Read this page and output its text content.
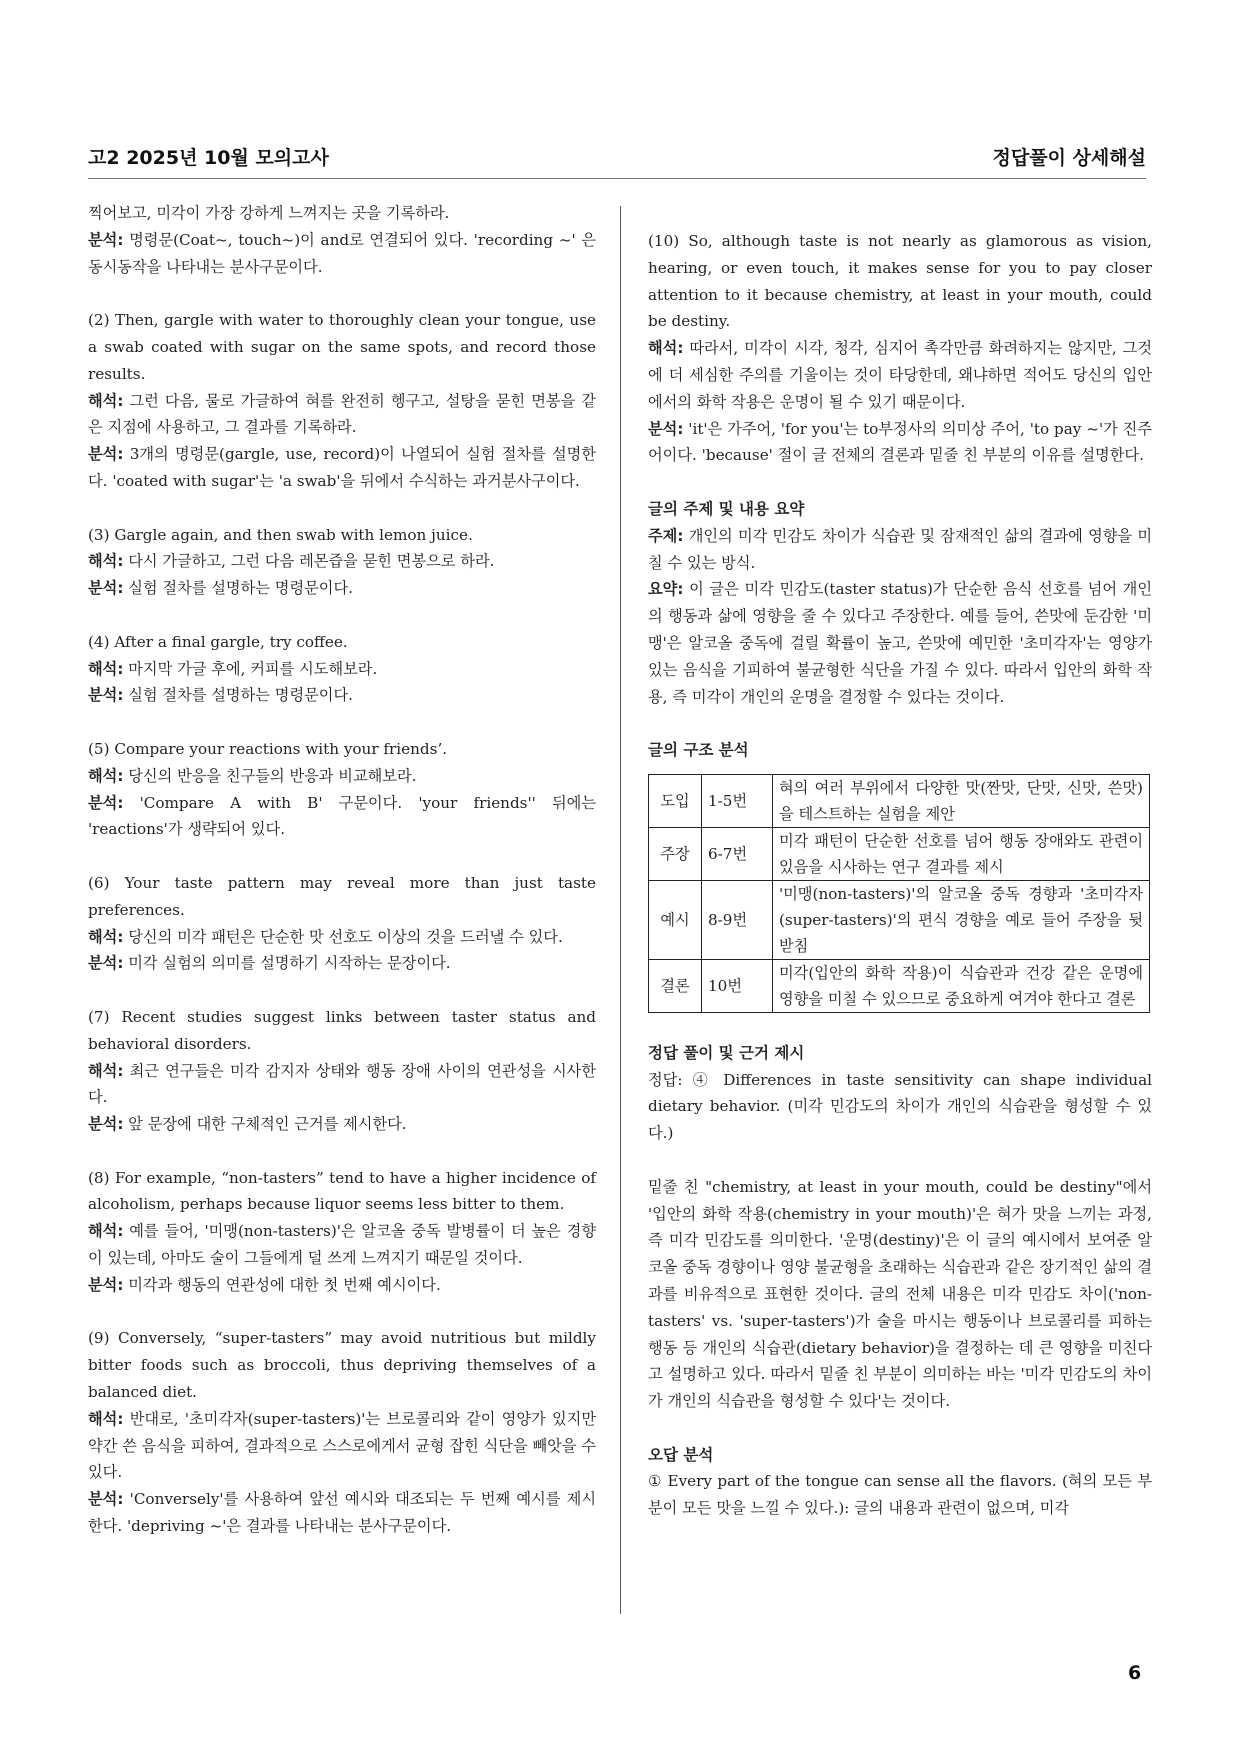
고2 2025년 10월 모의고사	정답풀이 상세해설

찍어보고, 미각이 가장 강하게 느껴지는 곳을 기록하라.

분석: 명령문(Coat~, touch~)이 and로 연결되어 있다. 'recording ~' 은 동시동작을 나타내는 분사구문이다.

(2) Then, gargle with water to thoroughly clean your tongue, use a swab coated with sugar on the same spots, and record those results.

해석: 그런 다음, 물로 가글하여 혀를 완전히 헹구고, 설탕을 묻힌 면봉을 같은 지점에 사용하고, 그 결과를 기록하라.

분석: 3개의 명령문(gargle, use, record)이 나열되어 실험 절차를 설명한다. 'coated with sugar'는 'a swab'을 뒤에서 수식하는 과거분사구이다.

(3) Gargle again, and then swab with lemon juice.

해석: 다시 가글하고, 그런 다음 레몬즙을 묻힌 면봉으로 하라.

분석: 실험 절차를 설명하는 명령문이다.

(4) After a final gargle, try coffee.

해석: 마지막 가글 후에, 커피를 시도해보라.

분석: 실험 절차를 설명하는 명령문이다.

(5) Compare your reactions with your friends’.

해석: 당신의 반응을 친구들의 반응과 비교해보라.

분석: 'Compare A with B' 구문이다. 'your friends'' 뒤에는 'reactions'가 생략되어 있다.

(6) Your taste pattern may reveal more than just taste preferences.

해석: 당신의 미각 패턴은 단순한 맛 선호도 이상의 것을 드러낼 수 있다.

분석: 미각 실험의 의미를 설명하기 시작하는 문장이다.

(7) Recent studies suggest links between taster status and behavioral disorders.

해석: 최근 연구들은 미각 감지자 상태와 행동 장애 사이의 연관성을 시사한다.

분석: 앞 문장에 대한 구체적인 근거를 제시한다.

(8) For example, “non-tasters” tend to have a higher incidence of alcoholism, perhaps because liquor seems less bitter to them.

해석: 예를 들어, '미맹(non-tasters)'은 알코올 중독 발병률이 더 높은 경향이 있는데, 아마도 술이 그들에게 덜 쓰게 느껴지기 때문일 것이다.

분석: 미각과 행동의 연관성에 대한 첫 번째 예시이다.

(9) Conversely, “super-tasters” may avoid nutritious but mildly bitter foods such as broccoli, thus depriving themselves of a balanced diet.

해석: 반대로, '초미각자(super-tasters)'는 브로콜리와 같이 영양가 있지만 약간 쓴 음식을 피하여, 결과적으로 스스로에게서 균형 잡힌 식단을 빼앗을 수 있다.

분석: 'Conversely'를 사용하여 앞선 예시와 대조되는 두 번째 예시를 제시한다. 'depriving ~'은 결과를 나타내는 분사구문이다.

(10) So, although taste is not nearly as glamorous as vision, hearing, or even touch, it makes sense for you to pay closer attention to it because chemistry, at least in your mouth, could be destiny.

해석: 따라서, 미각이 시각, 청각, 심지어 촉각만큼 화려하지는 않지만, 그것에 더 세심한 주의를 기울이는 것이 타당한데, 왜냐하면 적어도 당신의 입안에서의 화학 작용은 운명이 될 수 있기 때문이다.

분석: 'it'은 가주어, 'for you'는 to부정사의 의미상 주어, 'to pay ~'가 진주어이다. 'because' 절이 글 전체의 결론과 밑줄 친 부분의 이유를 설명한다.

글의 주제 및 내용 요약

주제: 개인의 미각 민감도 차이가 식습관 및 잠재적인 삶의 결과에 영향을 미칠 수 있는 방식.

요약: 이 글은 미각 민감도(taster status)가 단순한 음식 선호를 넘어 개인의 행동과 삶에 영향을 줄 수 있다고 주장한다. 예를 들어, 쓴맛에 둔감한 '미맹'은 알코올 중독에 걸릴 확률이 높고, 쓴맛에 예민한 '초미각자'는 영양가 있는 음식을 기피하여 불균형한 식단을 가질 수 있다. 따라서 입안의 화학 작용, 즉 미각이 개인의 운명을 결정할 수 있다는 것이다.

글의 구조 분석

도입	1-5번	혀의 여러 부위에서 다양한 맛(짠맛, 단맛, 신맛, 쓴맛)을 테스트하는 실험을 제안
주장	6-7번	미각 패턴이 단순한 선호를 넘어 행동 장애와도 관련이 있음을 시사하는 연구 결과를 제시
예시	8-9번	'미맹(non-tasters)'의 알코올 중독 경향과 '초미각자(super-tasters)'의 편식 경향을 예로 들어 주장을 뒷받침
결론	10번	미각(입안의 화학 작용)이 식습관과 건강 같은 운명에 영향을 미칠 수 있으므로 중요하게 여겨야 한다고 결론

정답 풀이 및 근거 제시

정답: ④ Differences in taste sensitivity can shape individual dietary behavior. (미각 민감도의 차이가 개인의 식습관을 형성할 수 있다.)

밑줄 친 "chemistry, at least in your mouth, could be destiny"에서 '입안의 화학 작용(chemistry in your mouth)'은 혀가 맛을 느끼는 과정, 즉 미각 민감도를 의미한다. '운명(destiny)'은 이 글의 예시에서 보여준 알코올 중독 경향이나 영양 불균형을 초래하는 식습관과 같은 장기적인 삶의 결과를 비유적으로 표현한 것이다. 글의 전체 내용은 미각 민감도 차이('non-tasters' vs. 'super-tasters')가 술을 마시는 행동이나 브로콜리를 피하는 행동 등 개인의 식습관(dietary behavior)을 결정하는 데 큰 영향을 미친다고 설명하고 있다. 따라서 밑줄 친 부분이 의미하는 바는 '미각 민감도의 차이가 개인의 식습관을 형성할 수 있다'는 것이다.

오답 분석

① Every part of the tongue can sense all the flavors. (혀의 모든 부분이 모든 맛을 느낄 수 있다.): 글의 내용과 관련이 없으며, 미각

6
